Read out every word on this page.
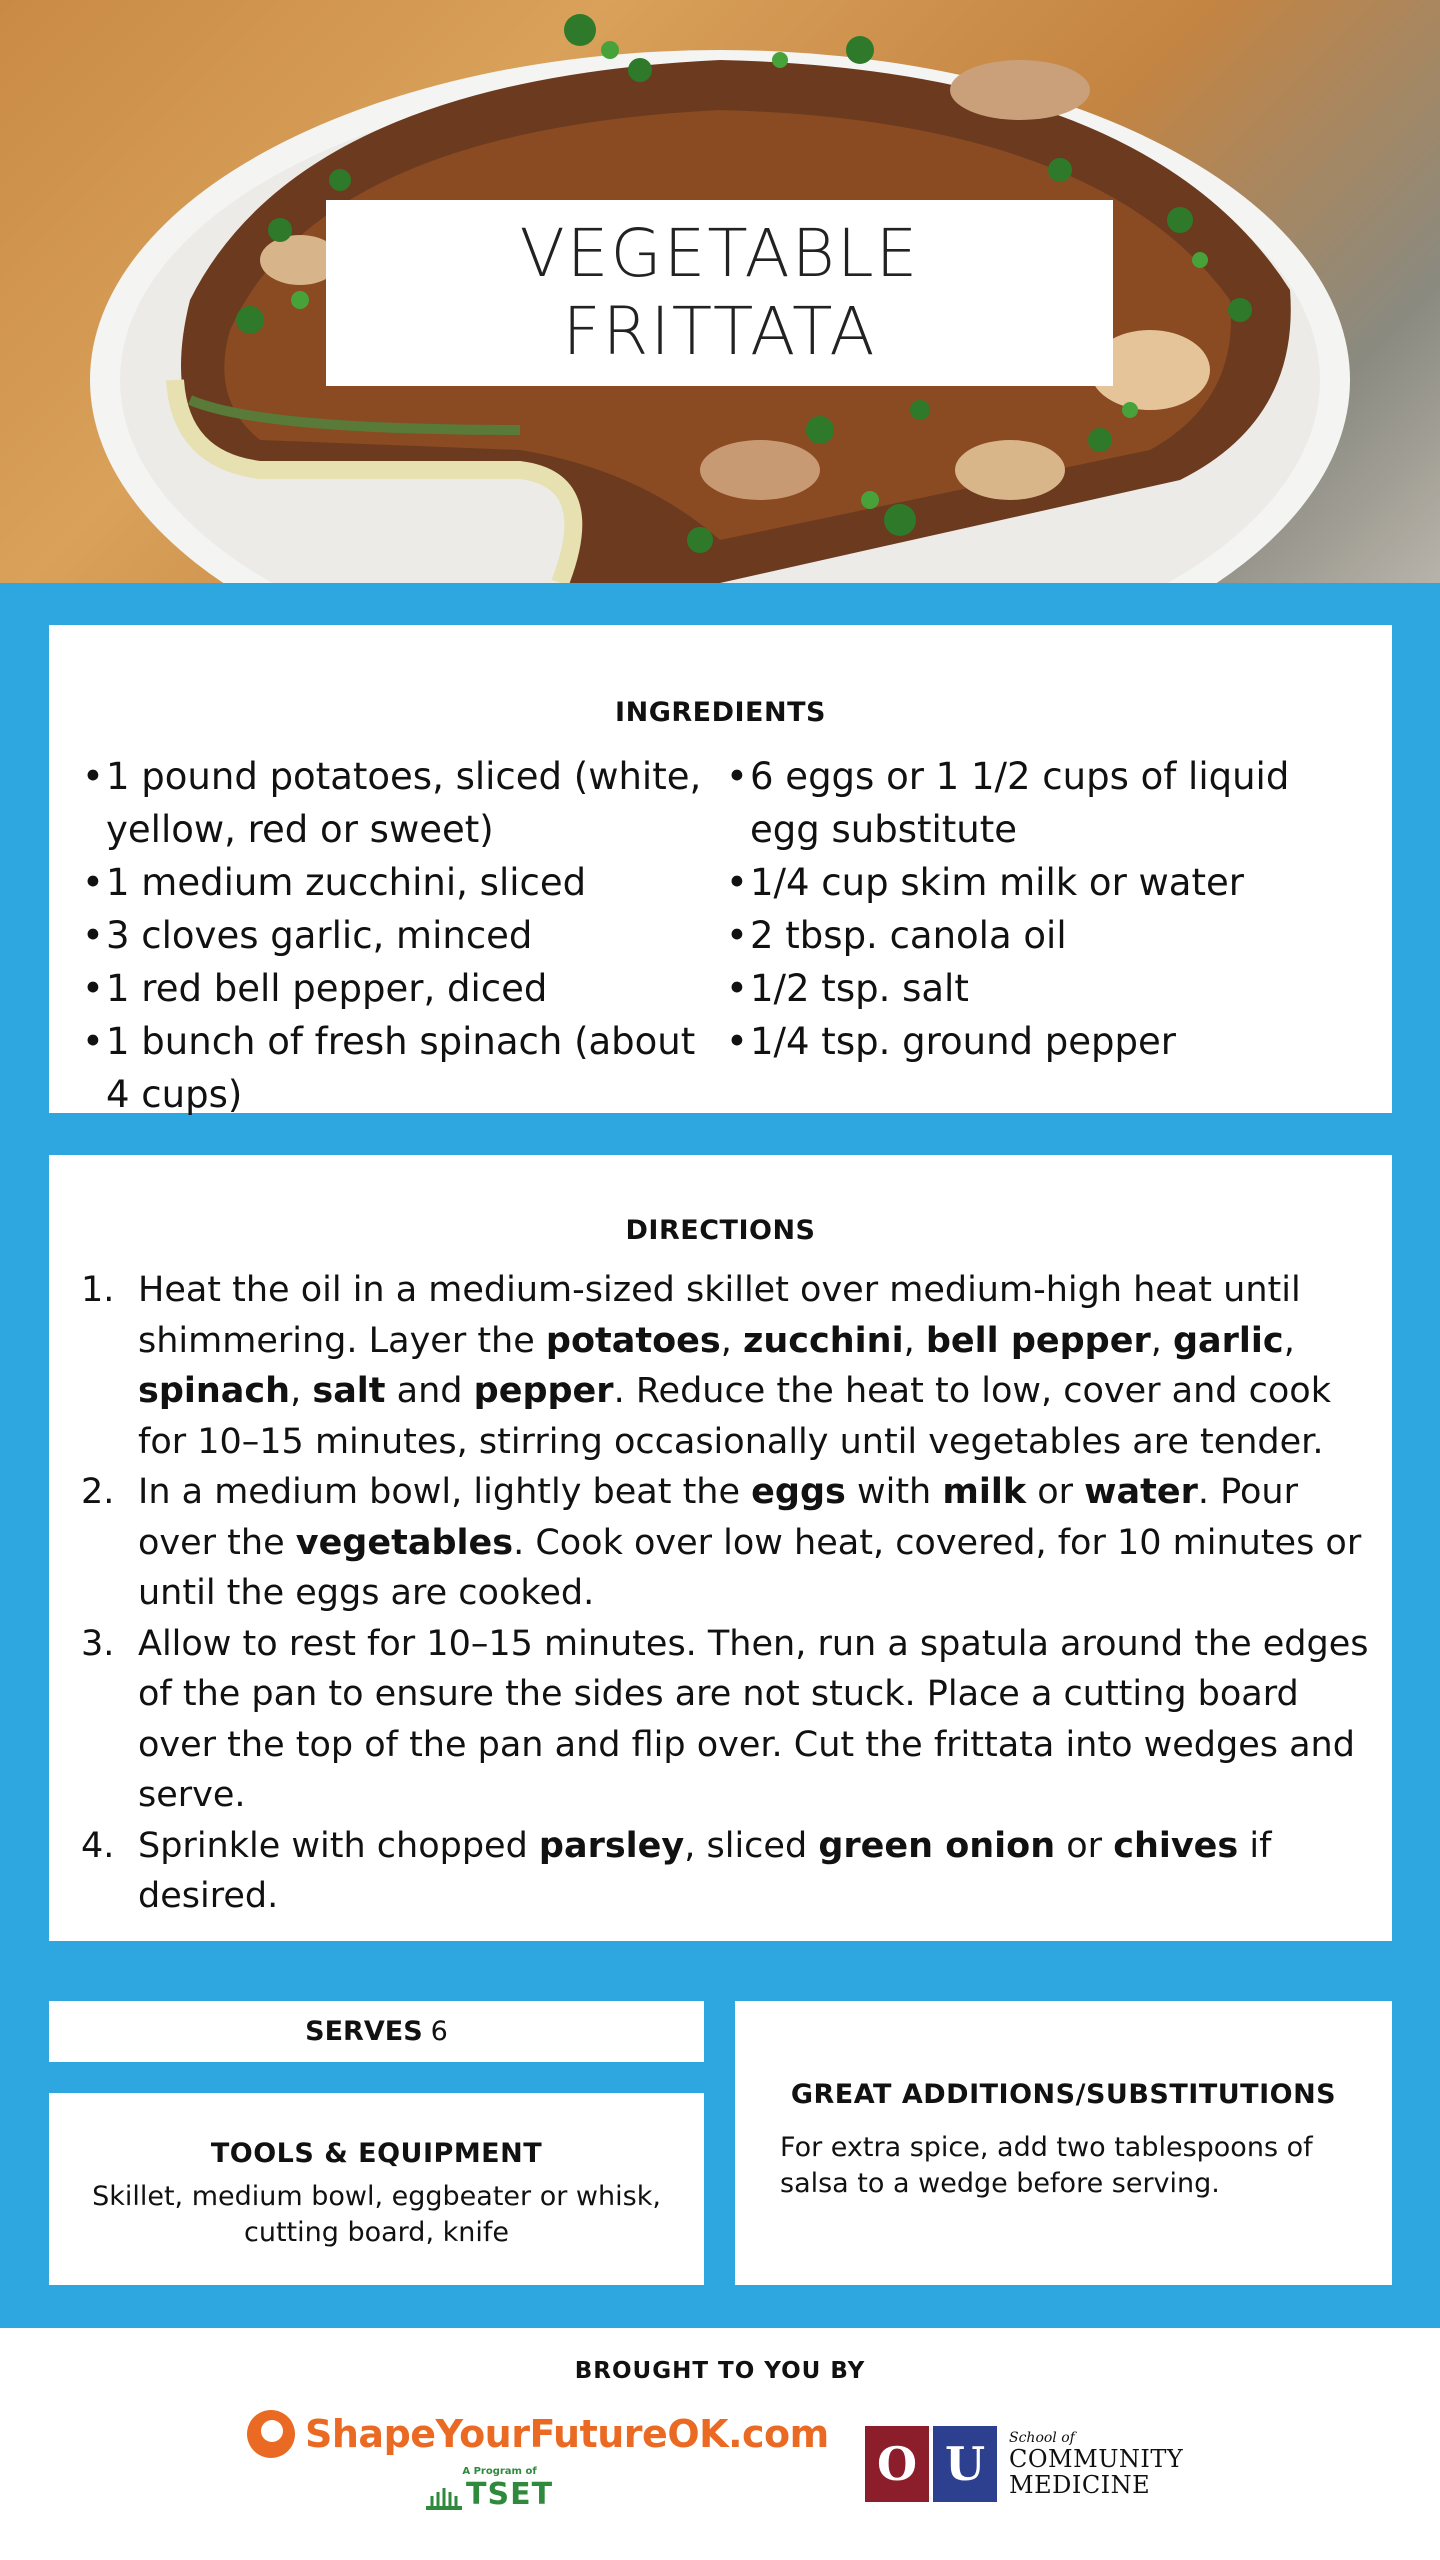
VEGETABLE
FRITTATA
INGREDIENTS
• 1 pound potatoes, sliced (white, yellow, red or sweet)
• 1 medium zucchini, sliced
• 3 cloves garlic, minced
• 1 red bell pepper, diced
• 1 bunch of fresh spinach (about 4 cups)
• 6 eggs or 1 1/2 cups of liquid egg substitute
• 1/4 cup skim milk or water
• 2 tbsp. canola oil
• 1/2 tsp. salt
• 1/4 tsp. ground pepper
DIRECTIONS
1. Heat the oil in a medium-sized skillet over medium-high heat until shimmering. Layer the potatoes, zucchini, bell pepper, garlic, spinach, salt and pepper. Reduce the heat to low, cover and cook for 10–15 minutes, stirring occasionally until vegetables are tender.
2. In a medium bowl, lightly beat the eggs with milk or water. Pour over the vegetables. Cook over low heat, covered, for 10 minutes or until the eggs are cooked.
3. Allow to rest for 10–15 minutes. Then, run a spatula around the edges of the pan to ensure the sides are not stuck. Place a cutting board over the top of the pan and flip over. Cut the frittata into wedges and serve.
4. Sprinkle with chopped parsley, sliced green onion or chives if desired.
SERVES 6
TOOLS & EQUIPMENT
Skillet, medium bowl, eggbeater or whisk, cutting board, knife
GREAT ADDITIONS/SUBSTITUTIONS
For extra spice, add two tablespoons of salsa to a wedge before serving.
BROUGHT TO YOU BY
ShapeYourFutureOK.com
A Program of
TSET
O U	School of
COMMUNITY
MEDICINE
